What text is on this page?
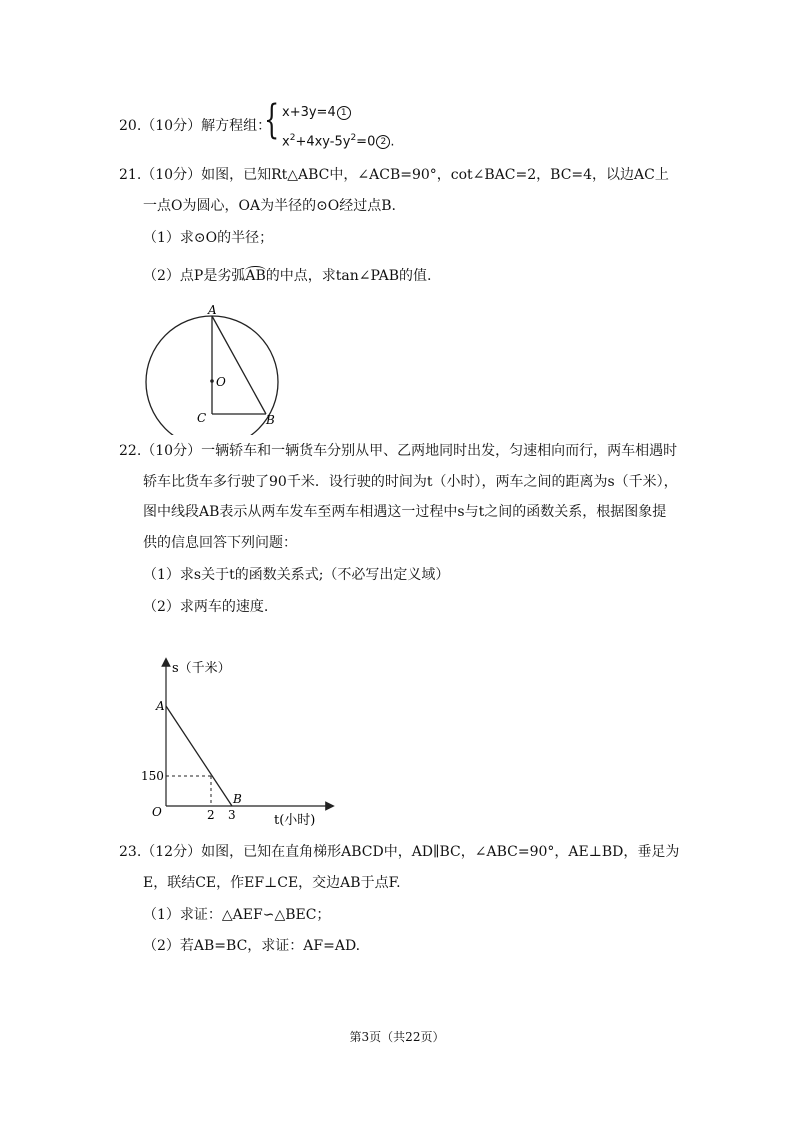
20.（10分）解方程组：
{ x+3y=4 1
$x^2+4xy-5y^2=0$ 2 .
21.（10分）如图，已知Rt△ABC中，∠ACB=90°，cot∠BAC=2，BC=4，以边AC上
一点O为圆心，OA为半径的⊙O经过点B.
（1）求⊙O的半径；
（2）点P是劣弧AB的中点，求tan∠PAB的值.
A
O
C	B
22.（10分）一辆轿车和一辆货车分别从甲、乙两地同时出发，匀速相向而行，两车相遇时
轿车比货车多行驶了90千米．设行驶的时间为t（小时），两车之间的距离为s（千米），
图中线段AB表示从两车发车至两车相遇这一过程中s与t之间的函数关系，根据图象提
供的信息回答下列问题：
（1）求s关于t的函数关系式;（不必写出定义域）
（2）求两车的速度.
s（千米）
t(小时)
A
B
O
150
2 3
23.（12分）如图，已知在直角梯形ABCD中，AD∥BC，∠ABC=90°，AE⊥BD，垂足为
E，联结CE，作EF⊥CE，交边AB于点F.
（1）求证：△AEF∽△BEC；
（2）若AB=BC，求证：AF=AD.
第3页（共22页）
